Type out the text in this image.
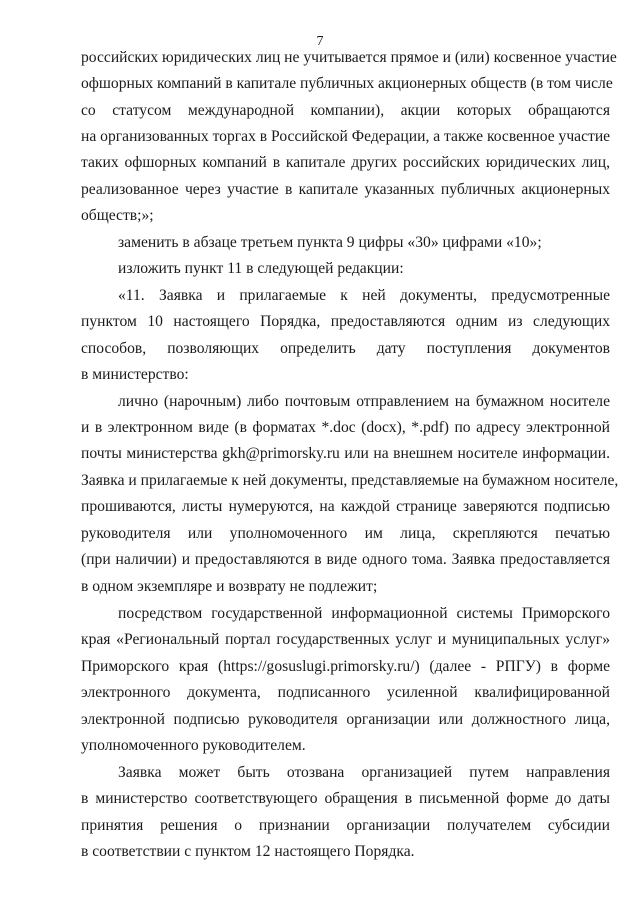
7
российских юридических лиц не учитывается прямое и (или) косвенное участие
офшорных компаний в капитале публичных акционерных обществ (в том числе
со статусом международной компании), акции которых обращаются
на организованных торгах в Российской Федерации, а также косвенное участие
таких офшорных компаний в капитале других российских юридических лиц,
реализованное через участие в капитале указанных публичных акционерных
обществ;»;
заменить в абзаце третьем пункта 9 цифры «30» цифрами «10»;
изложить пункт 11 в следующей редакции:
«11. Заявка и прилагаемые к ней документы, предусмотренные
пунктом 10 настоящего Порядка, предоставляются одним из следующих
способов, позволяющих определить дату поступления документов
в министерство:
лично (нарочным) либо почтовым отправлением на бумажном носителе
и в электронном виде (в форматах *.doc (docx), *.pdf) по адресу электронной
почты министерства gkh@primorsky.ru или на внешнем носителе информации.
Заявка и прилагаемые к ней документы, представляемые на бумажном носителе,
прошиваются, листы нумеруются, на каждой странице заверяются подписью
руководителя или уполномоченного им лица, скрепляются печатью
(при наличии) и предоставляются в виде одного тома. Заявка предоставляется
в одном экземпляре и возврату не подлежит;
посредством государственной информационной системы Приморского
края «Региональный портал государственных услуг и муниципальных услуг»
Приморского края (https://gosuslugi.primorsky.ru/) (далее - РПГУ) в форме
электронного документа, подписанного усиленной квалифицированной
электронной подписью руководителя организации или должностного лица,
уполномоченного руководителем.
Заявка может быть отозвана организацией путем направления
в министерство соответствующего обращения в письменной форме до даты
принятия решения о признании организации получателем субсидии
в соответствии с пунктом 12 настоящего Порядка.
